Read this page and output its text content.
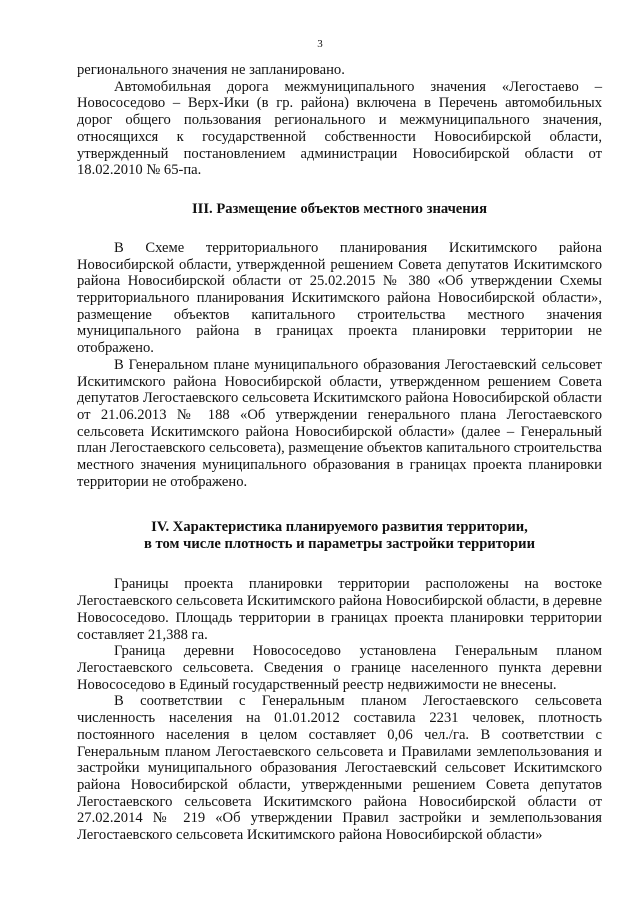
3

регионального значения не запланировано.

Автомобильная дорога межмуниципального значения «Легостаево – Новососедово – Верх-Ики (в гр. района) включена в Перечень автомобильных дорог общего пользования регионального и межмуниципального значения, относящихся к государственной собственности Новосибирской области, утвержденный постановлением администрации Новосибирской области от 18.02.2010 № 65-па.

III. Размещение объектов местного значения

В Схеме территориального планирования Искитимского района Новосибирской области, утвержденной решением Совета депутатов Искитимского района Новосибирской области от 25.02.2015 № 380 «Об утверждении Схемы территориального планирования Искитимского района Новосибирской области», размещение объектов капитального строительства местного значения муниципального района в границах проекта планировки территории не отображено.

В Генеральном плане муниципального образования Легостаевский сельсовет Искитимского района Новосибирской области, утвержденном решением Совета депутатов Легостаевского сельсовета Искитимского района Новосибирской области от 21.06.2013 № 188 «Об утверждении генерального плана Легостаевского сельсовета Искитимского района Новосибирской области» (далее – Генеральный план Легостаевского сельсовета), размещение объектов капитального строительства местного значения муниципального образования в границах проекта планировки территории не отображено.

IV. Характеристика планируемого развития территории,

в том числе плотность и параметры застройки территории

Границы проекта планировки территории расположены на востоке Легостаевского сельсовета Искитимского района Новосибирской области, в деревне Новососедово. Площадь территории в границах проекта планировки территории составляет 21,388 га.

Граница деревни Новососедово установлена Генеральным планом Легостаевского сельсовета. Сведения о границе населенного пункта деревни Новососедово в Единый государственный реестр недвижимости не внесены.

В соответствии с Генеральным планом Легостаевского сельсовета численность населения на 01.01.2012 составила 2231 человек, плотность постоянного населения в целом составляет 0,06 чел./га. В соответствии с Генеральным планом Легостаевского сельсовета и Правилами землепользования и застройки муниципального образования Легостаевский сельсовет Искитимского района Новосибирской области, утвержденными решением Совета депутатов Легостаевского сельсовета Искитимского района Новосибирской области от 27.02.2014 № 219 «Об утверждении Правил застройки и землепользования Легостаевского сельсовета Искитимского района Новосибирской области»
